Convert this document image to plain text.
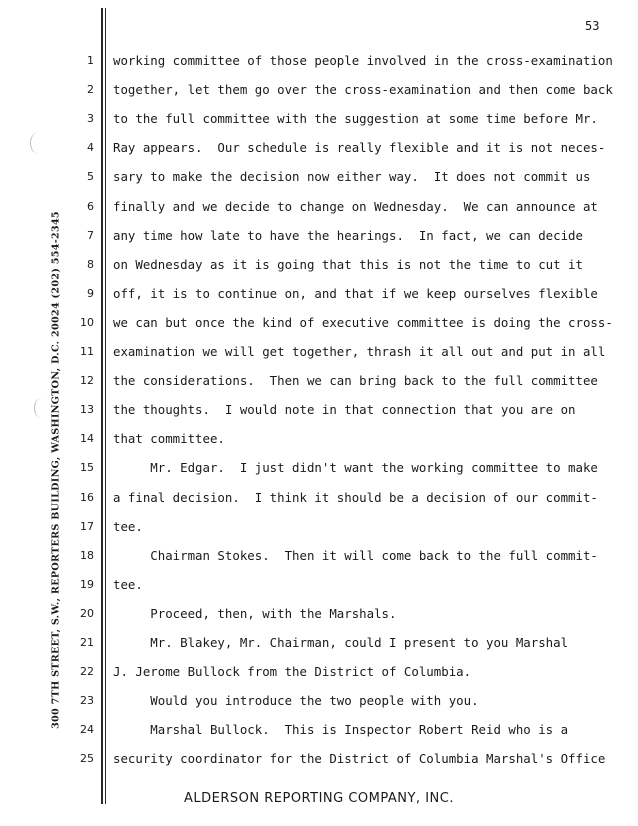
53
300 7TH STREET, S.W., REPORTERS BUILDING, WASHINGTON, D.C. 20024 (202) 554-2345
1 working committee of those people involved in the cross-examination
2 together, let them go over the cross-examination and then come back
3 to the full committee with the suggestion at some time before Mr.
4 Ray appears.  Our schedule is really flexible and it is not neces-
5 sary to make the decision now either way.  It does not commit us
6 finally and we decide to change on Wednesday.  We can announce at
7 any time how late to have the hearings.  In fact, we can decide
8 on Wednesday as it is going that this is not the time to cut it
9 off, it is to continue on, and that if we keep ourselves flexible
10 we can but once the kind of executive committee is doing the cross-
11 examination we will get together, thrash it all out and put in all
12 the considerations.  Then we can bring back to the full committee
13 the thoughts.  I would note in that connection that you are on
14 that committee.
15 Mr. Edgar.  I just didn't want the working committee to make
16 a final decision.  I think it should be a decision of our commit-
17 tee.
18 Chairman Stokes.  Then it will come back to the full commit-
19 tee.
20 Proceed, then, with the Marshals.
21 Mr. Blakey, Mr. Chairman, could I present to you Marshal
22 J. Jerome Bullock from the District of Columbia.
23 Would you introduce the two people with you.
24 Marshal Bullock.  This is Inspector Robert Reid who is a
25 security coordinator for the District of Columbia Marshal's Office
ALDERSON REPORTING COMPANY, INC.
